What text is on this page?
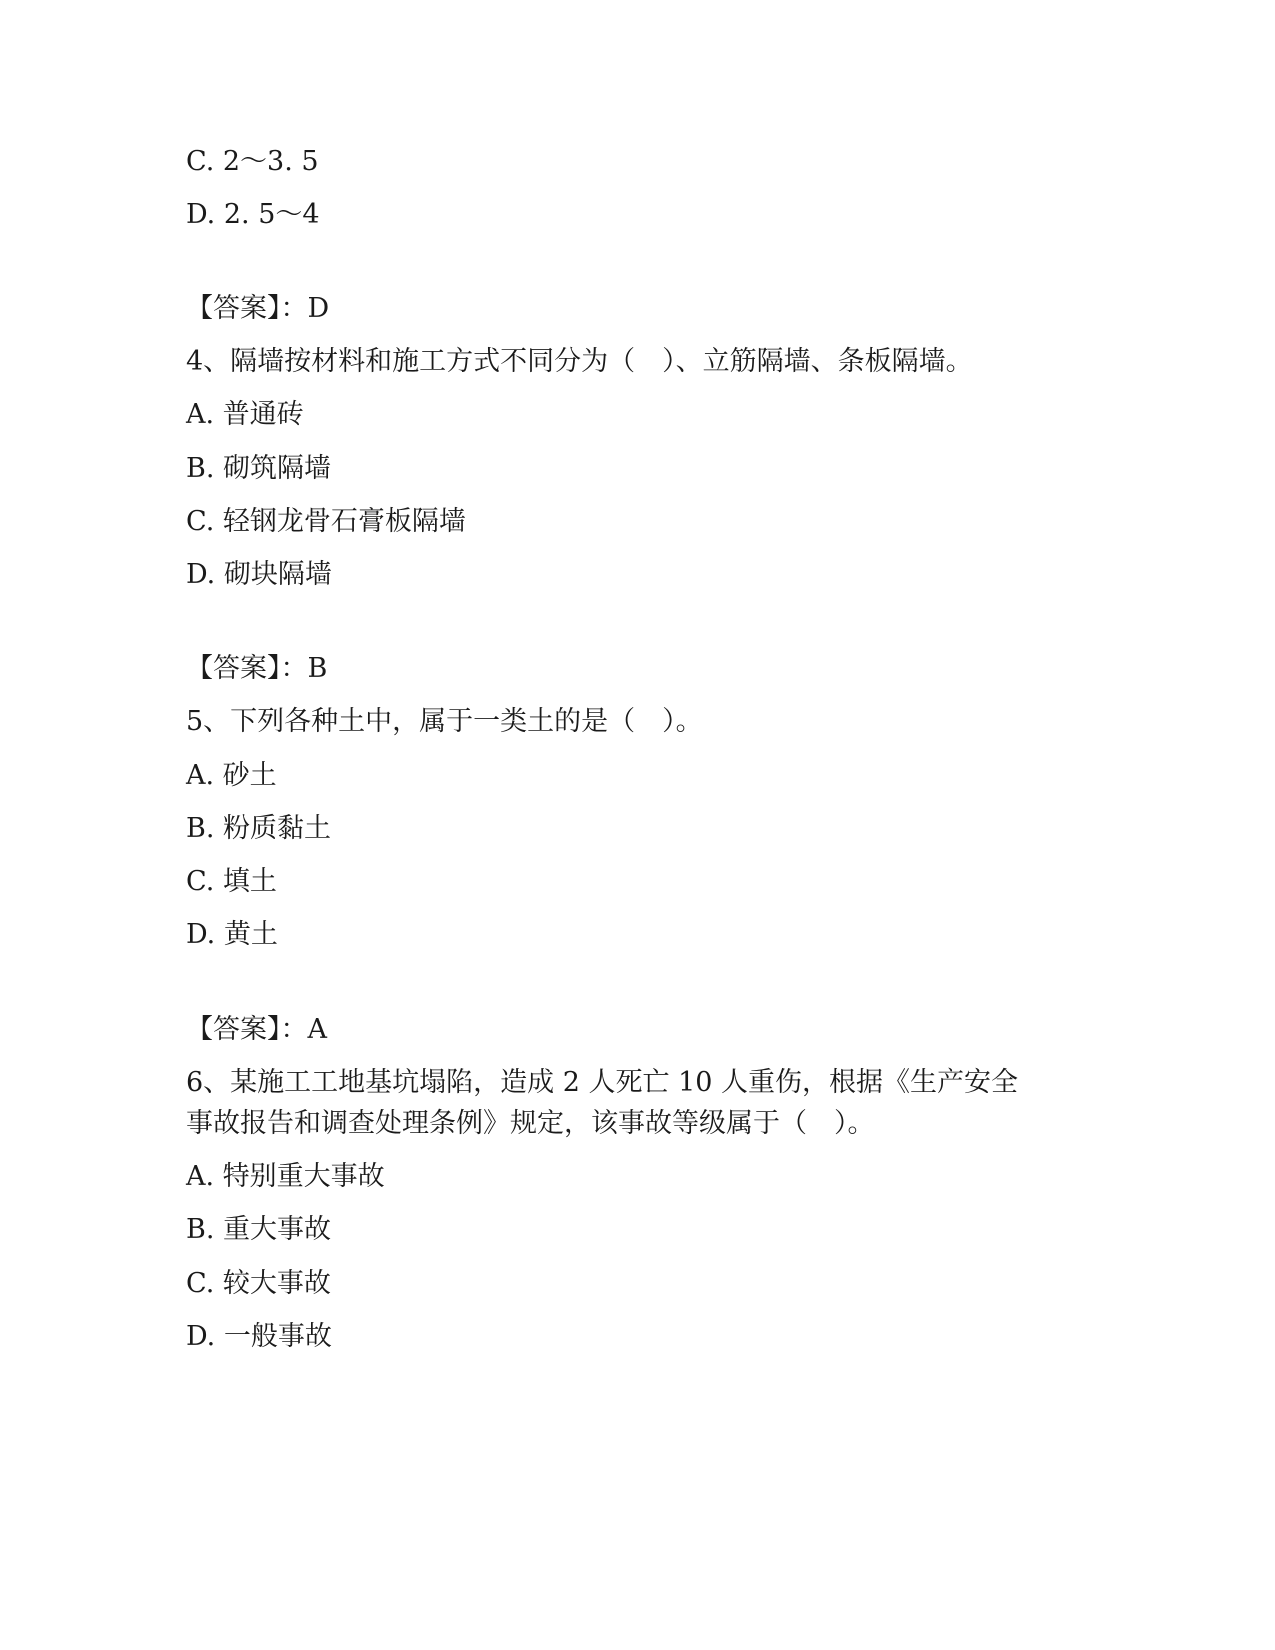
C. 2～3. 5
D. 2. 5～4
【答案】：D
4、隔墙按材料和施工方式不同分为（　）、立筋隔墙、条板隔墙。
A. 普通砖
B. 砌筑隔墙
C. 轻钢龙骨石膏板隔墙
D. 砌块隔墙
【答案】：B
5、下列各种土中，属于一类土的是（　）。
A. 砂土
B. 粉质黏土
C. 填土
D. 黄土
【答案】：A
6、某施工工地基坑塌陷，造成 2 人死亡 10 人重伤，根据《生产安全
事故报告和调查处理条例》规定，该事故等级属于（　）。
A. 特别重大事故
B. 重大事故
C. 较大事故
D. 一般事故
